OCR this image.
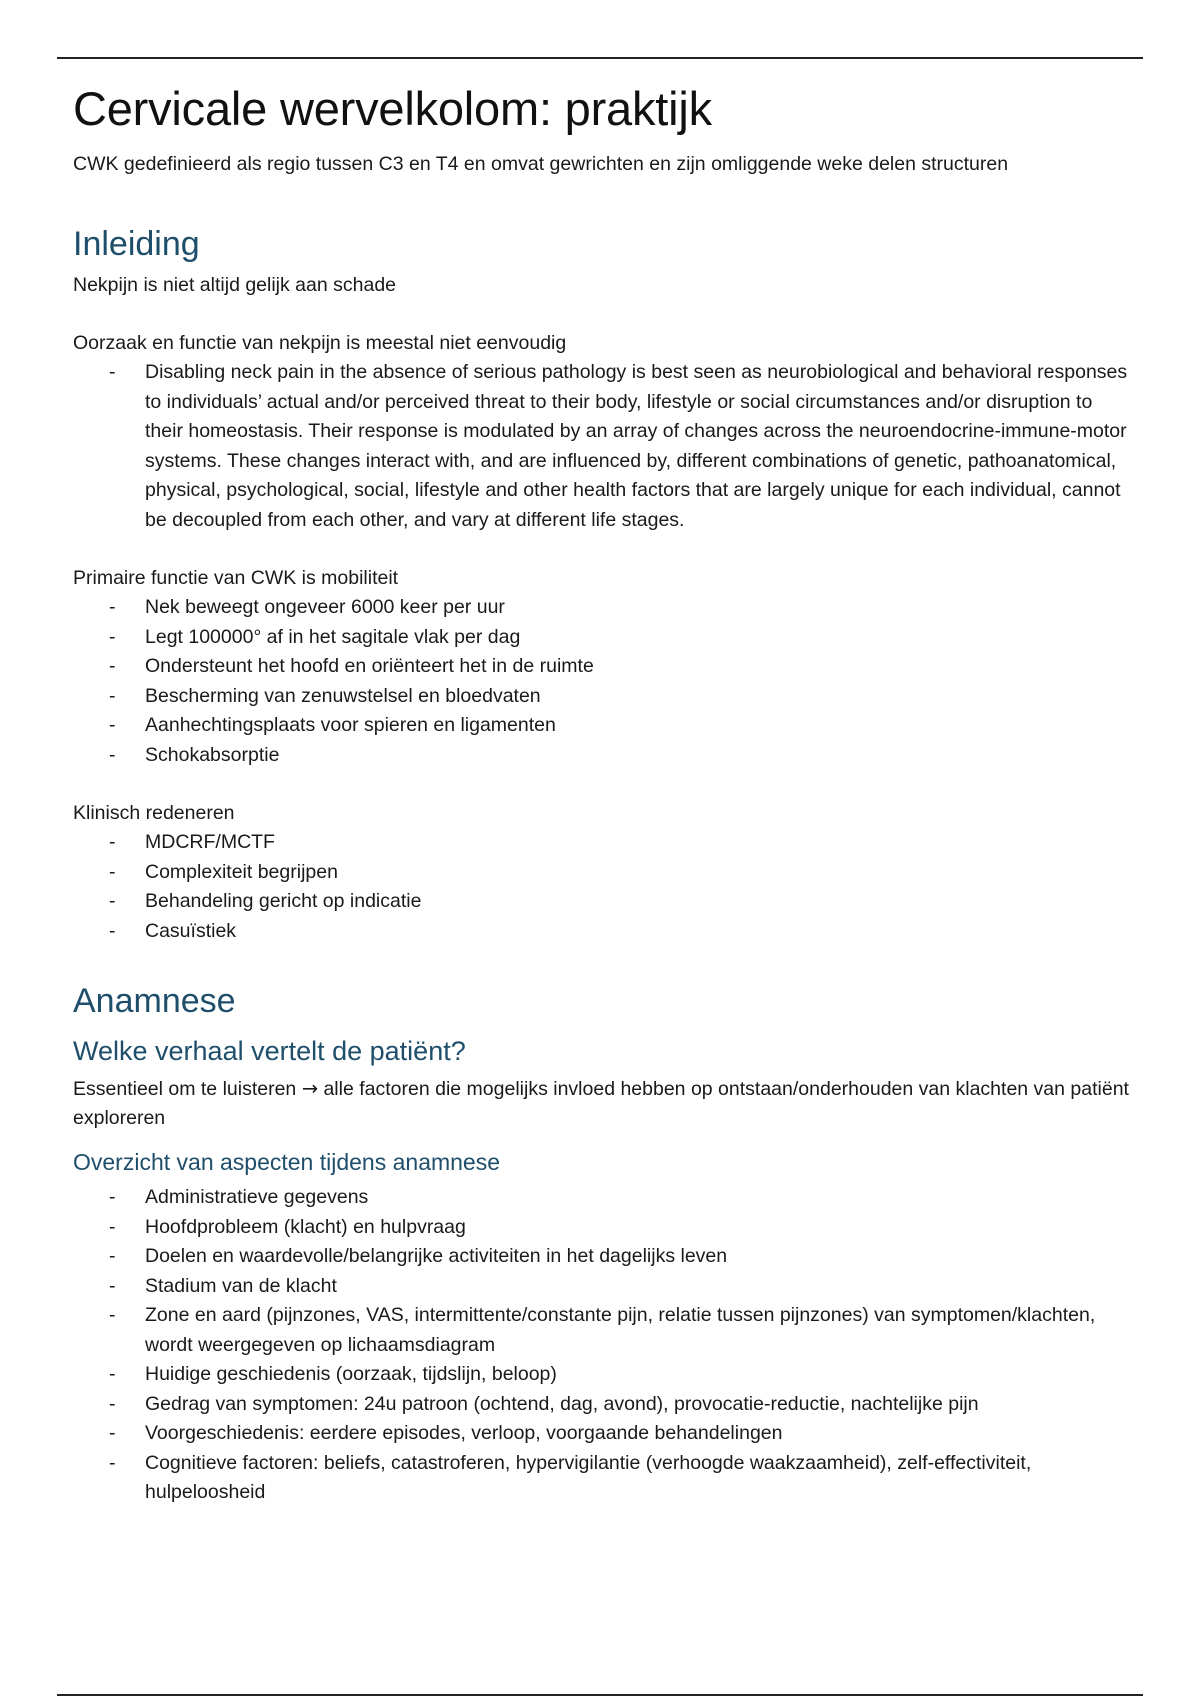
Cervicale wervelkolom: praktijk

CWK gedefinieerd als regio tussen C3 en T4 en omvat gewrichten en zijn omliggende weke delen structuren

Inleiding

Nekpijn is niet altijd gelijk aan schade

Oorzaak en functie van nekpijn is meestal niet eenvoudig

- Disabling neck pain in the absence of serious pathology is best seen as neurobiological and behavioral responses to individuals’ actual and/or perceived threat to their body, lifestyle or social circumstances and/or disruption to their homeostasis. Their response is modulated by an array of changes across the neuroendocrine-immune-motor systems. These changes interact with, and are influenced by, different combinations of genetic, pathoanatomical, physical, psychological, social, lifestyle and other health factors that are largely unique for each individual, cannot be decoupled from each other, and vary at different life stages.

Primaire functie van CWK is mobiliteit

- Nek beweegt ongeveer 6000 keer per uur
- Legt 100000° af in het sagitale vlak per dag
- Ondersteunt het hoofd en oriënteert het in de ruimte
- Bescherming van zenuwstelsel en bloedvaten
- Aanhechtingsplaats voor spieren en ligamenten
- Schokabsorptie

Klinisch redeneren

- MDCRF/MCTF
- Complexiteit begrijpen
- Behandeling gericht op indicatie
- Casuïstiek
Anamnese
Welke verhaal vertelt de patiënt?

Essentieel om te luisteren → alle factoren die mogelijks invloed hebben op ontstaan/onderhouden van klachten van patiënt exploreren

Overzicht van aspecten tijdens anamnese
- Administratieve gegevens
- Hoofdprobleem (klacht) en hulpvraag
- Doelen en waardevolle/belangrijke activiteiten in het dagelijks leven
- Stadium van de klacht
- Zone en aard (pijnzones, VAS, intermittente/constante pijn, relatie tussen pijnzones) van symptomen/klachten, wordt weergegeven op lichaamsdiagram
- Huidige geschiedenis (oorzaak, tijdslijn, beloop)
- Gedrag van symptomen: 24u patroon (ochtend, dag, avond), provocatie-reductie, nachtelijke pijn
- Voorgeschiedenis: eerdere episodes, verloop, voorgaande behandelingen
- Cognitieve factoren: beliefs, catastroferen, hypervigilantie (verhoogde waakzaamheid), zelf-effectiviteit, hulpeloosheid
